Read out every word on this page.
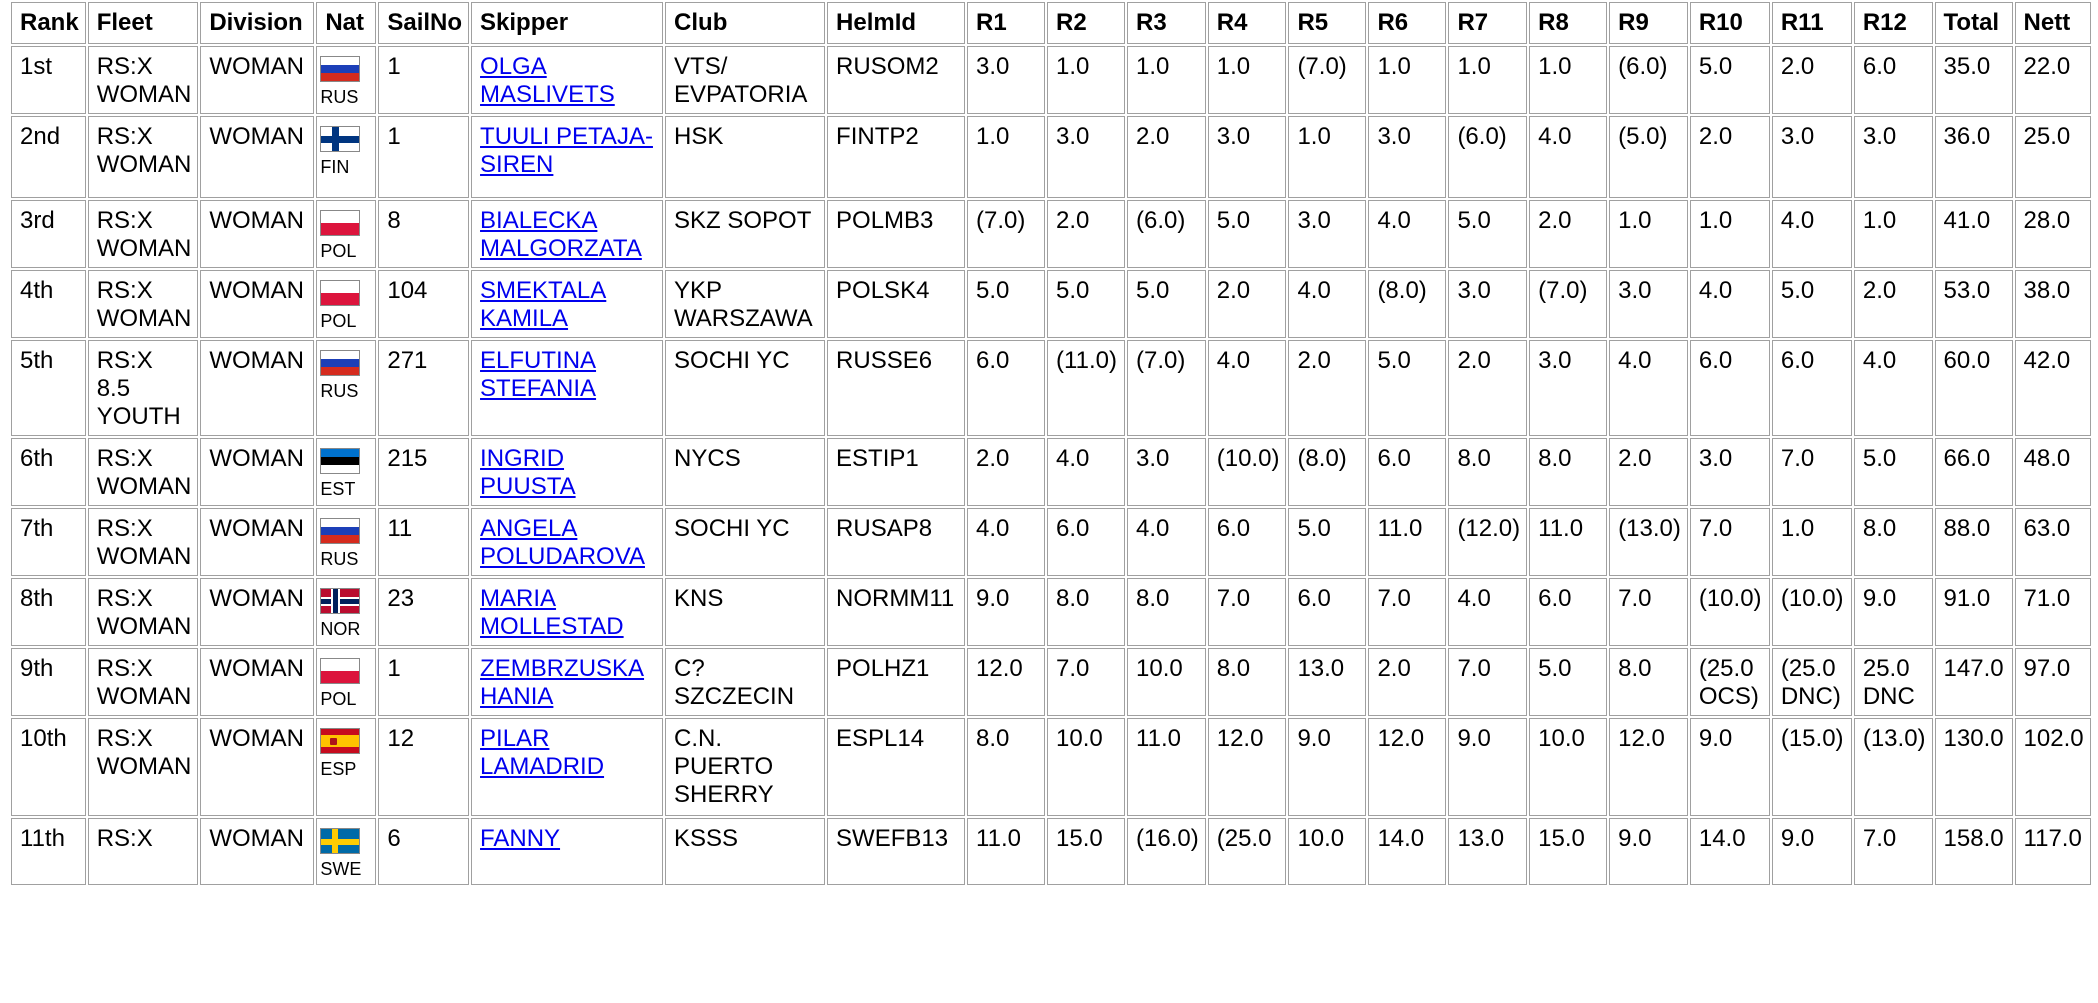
Rank	Fleet	Division	Nat	SailNo	Skipper	Club	HelmId	R1	R2	R3	R4	R5	R6	R7	R8	R9	R10	R11	R12	Total	Nett
1st	RS:X WOMAN	WOMAN	RUS	1	OLGA MASLIVETS	VTS/ EVPATORIA	RUSOM2	3.0	1.0	1.0	1.0	(7.0)	1.0	1.0	1.0	(6.0)	5.0	2.0	6.0	35.0	22.0
2nd	RS:X WOMAN	WOMAN	FIN	1	TUULI PETAJA-SIREN	HSK	FINTP2	1.0	3.0	2.0	3.0	1.0	3.0	(6.0)	4.0	(5.0)	2.0	3.0	3.0	36.0	25.0
3rd	RS:X WOMAN	WOMAN	POL	8	BIALECKA MALGORZATA	SKZ SOPOT	POLMB3	(7.0)	2.0	(6.0)	5.0	3.0	4.0	5.0	2.0	1.0	1.0	4.0	1.0	41.0	28.0
4th	RS:X WOMAN	WOMAN	POL	104	SMEKTALA KAMILA	YKP WARSZAWA	POLSK4	5.0	5.0	5.0	2.0	4.0	(8.0)	3.0	(7.0)	3.0	4.0	5.0	2.0	53.0	38.0
5th	RS:X 8.5 YOUTH	WOMAN	RUS	271	ELFUTINA STEFANIA	SOCHI YC	RUSSE6	6.0	(11.0)	(7.0)	4.0	2.0	5.0	2.0	3.0	4.0	6.0	6.0	4.0	60.0	42.0
6th	RS:X WOMAN	WOMAN	EST	215	INGRID PUUSTA	NYCS	ESTIP1	2.0	4.0	3.0	(10.0)	(8.0)	6.0	8.0	8.0	2.0	3.0	7.0	5.0	66.0	48.0
7th	RS:X WOMAN	WOMAN	RUS	11	ANGELA POLUDAROVA	SOCHI YC	RUSAP8	4.0	6.0	4.0	6.0	5.0	11.0	(12.0)	11.0	(13.0)	7.0	1.0	8.0	88.0	63.0
8th	RS:X WOMAN	WOMAN	NOR	23	MARIA MOLLESTAD	KNS	NORMM11	9.0	8.0	8.0	7.0	6.0	7.0	4.0	6.0	7.0	(10.0)	(10.0)	9.0	91.0	71.0
9th	RS:X WOMAN	WOMAN	POL	1	ZEMBRZUSKA HANIA	C? SZCZECIN	POLHZ1	12.0	7.0	10.0	8.0	13.0	2.0	7.0	5.0	8.0	(25.0 OCS)	(25.0 DNC)	25.0 DNC	147.0	97.0
10th	RS:X WOMAN	WOMAN	ESP	12	PILAR LAMADRID	C.N. PUERTO SHERRY	ESPL14	8.0	10.0	11.0	12.0	9.0	12.0	9.0	10.0	12.0	9.0	(15.0)	(13.0)	130.0	102.0
11th	RS:X	WOMAN	SWE	6	FANNY	KSSS	SWEFB13	11.0	15.0	(16.0)	(25.0	10.0	14.0	13.0	15.0	9.0	14.0	9.0	7.0	158.0	117.0
